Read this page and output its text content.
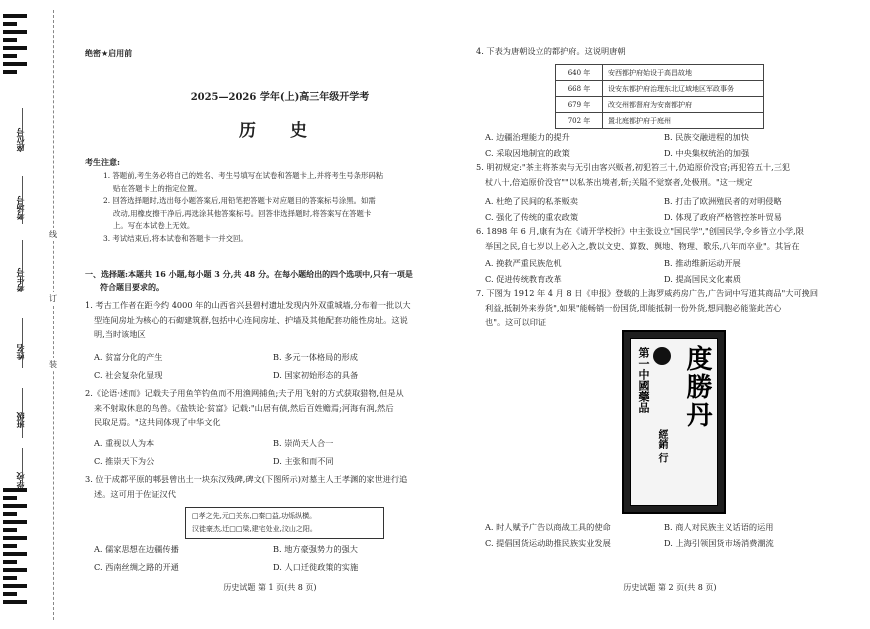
座位号
考场号
考生号
姓名
班级
学校
线
订
装
绝密★启用前
2025—2026 学年(上)高三年级开学考
历 史
考生注意:
1. 答题前,考生务必将自己的姓名、考生号填写在试卷和答题卡上,并将考生号条形码粘
贴在答题卡上的指定位置。
2. 回答选择题时,选出每小题答案后,用铅笔把答题卡对应题目的答案标号涂黑。如需
改动,用橡皮擦干净后,再选涂其他答案标号。回答非选择题时,将答案写在答题卡
上。写在本试卷上无效。
3. 考试结束后,将本试卷和答题卡一并交回。
一、选择题:本题共 16 小题,每小题 3 分,共 48 分。在每小题给出的四个选项中,只有一项是
符合题目要求的。
1. 考古工作者在距今约 4000 年的山西省兴县碧村遗址发现内外双重城墙,分布着一批以大
型连间房址为核心的石砌建筑群,包括中心连间房址、护墙及其他配套功能性房址。这说
明,当时该地区
A. 贫富分化的产生	B. 多元一体格局的形成
C. 社会复杂化显现	D. 国家初始形态的具备
2.《论语·述而》记载夫子用鱼竿钓鱼而不用渔网捕鱼;夫子用飞射的方式获取猎物,但是从
来不射取休息的鸟兽。《盐铁论·贫富》记载:"山居有债,然后百姓赡焉;河海有润,然后
民取足焉。"这共同体现了中华文化
A. 重视以人为本	B. 崇尚天人合一
C. 推崇天下为公	D. 主张和而不同
3. 位于成都平原的郫县曾出土一块东汉残碑,碑文(下图所示)对墓主人王孝渊的家世进行追
述。这可用于佐证汉代
□孝之先,元□关东,□秦□益,功烁纵横。
汉徙豪杰,迁□□梁,建宅处业,汶山之阳。
A. 儒家思想在边疆传播	B. 地方豪强势力的强大
C. 西南丝绸之路的开通	D. 人口迁徙政策的实施
历史试题 第 1 页(共 8 页)
4. 下表为唐朝设立的都护府。这说明唐朝
640 年	安西都护府始设于高昌故地
668 年	设安东都护府治理东北辽域地区军政事务
679 年	改交州都督府为安南都护府
702 年	置北庭都护府于庭州
A. 边疆治理能力的提升	B. 民族交融进程的加快
C. 采取因地制宜的政策	D. 中央集权统治的加强
5. 明初规定:"茶主将茶卖与无引由客兴贩者,初犯笞三十,仍追原价没官;再犯笞五十,三犯
杖八十,倍追原价没官""以私茶出境者,斩;关隘不觉察者,处极刑。"这一规定
A. 杜绝了民间的私茶贩卖	B. 打击了欧洲殖民者的对明侵略
C. 强化了传统的重农政策	D. 体现了政府严格管控茶叶贸易
6. 1898 年 6 月,康有为在《请开学校折》中主张设立"国民学","创国民学,令乡皆立小学,限
举国之民,自七岁以上必入之,教以文史、算数、舆地、物理、歌乐,八年而卒业"。其旨在
A. 挽救严重民族危机	B. 推动维新运动开展
C. 促进传统教育改革	D. 提高国民文化素质
7. 下图为 1912 年 4 月 8 日《申报》登载的上海罗威药房广告,广告词中写道其商品"大可挽回
利益,抵制外来券货",如果"能畅销一份国货,即能抵制一份外货,想同胞必能鉴此苦心
也"。这可以印证
度勝丹
第一中國藥品
經銷 行
A. 时人赋予广告以商战工具的使命	B. 商人对民族主义话语的运用
C. 提倡国货运动助推民族实业发展	D. 上海引领国货市场消费潮流
历史试题 第 2 页(共 8 页)
